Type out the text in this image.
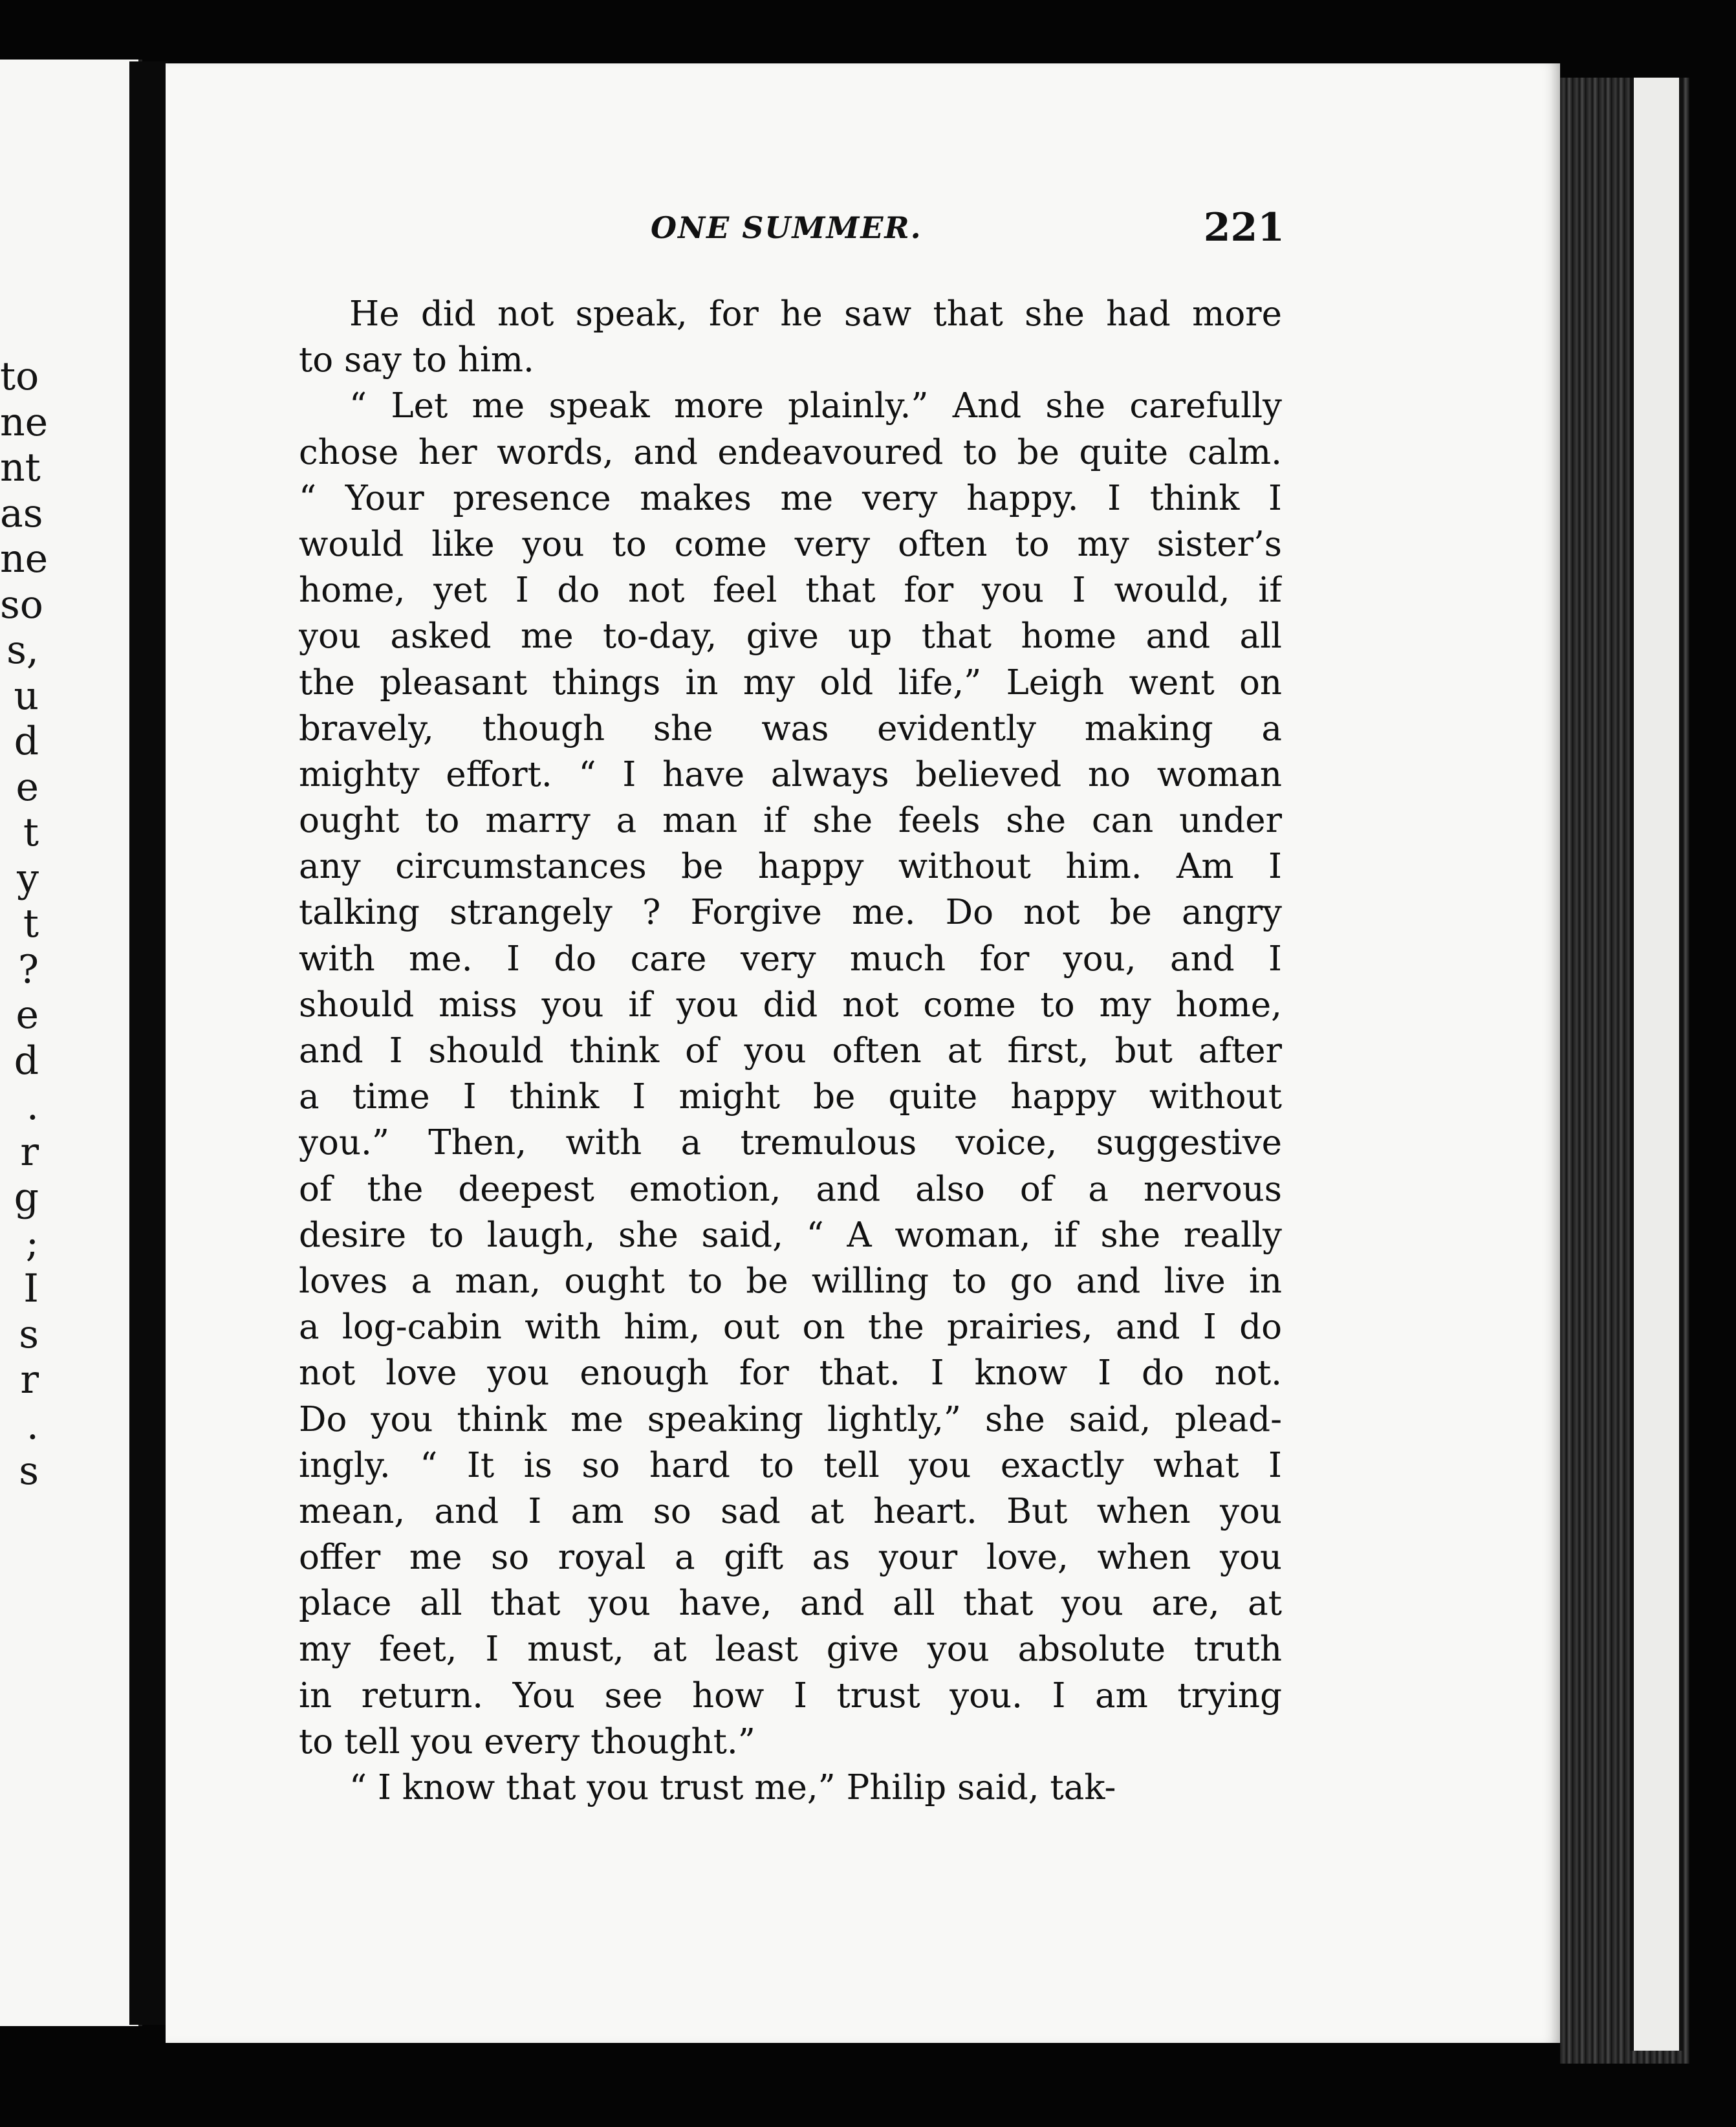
to
ne
nt
as
ne
so
s,
u
d
e
t
y
t
?
e
d
.
r
g
;
I
s
r
.
s
ONE SUMMER.	221
He did not speak, for he saw that she had more
to say to him.
“ Let me speak more plainly.” And she carefully
chose her words, and endeavoured to be quite calm.
“ Your presence makes me very happy. I think I
would like you to come very often to my sister’s
home, yet I do not feel that for you I would, if
you asked me to-day, give up that home and all
the pleasant things in my old life,” Leigh went on
bravely, though she was evidently making a
mighty effort. “ I have always believed no woman
ought to marry a man if she feels she can under
any circumstances be happy without him. Am I
talking strangely ? Forgive me. Do not be angry
with me. I do care very much for you, and I
should miss you if you did not come to my home,
and I should think of you often at first, but after
a time I think I might be quite happy without
you.” Then, with a tremulous voice, suggestive
of the deepest emotion, and also of a nervous
desire to laugh, she said, “ A woman, if she really
loves a man, ought to be willing to go and live in
a log-cabin with him, out on the prairies, and I do
not love you enough for that. I know I do not.
Do you think me speaking lightly,” she said, plead-
ingly. “ It is so hard to tell you exactly what I
mean, and I am so sad at heart. But when you
offer me so royal a gift as your love, when you
place all that you have, and all that you are, at
my feet, I must, at least give you absolute truth
in return. You see how I trust you. I am trying
to tell you every thought.”
“ I know that you trust me,” Philip said, tak-
